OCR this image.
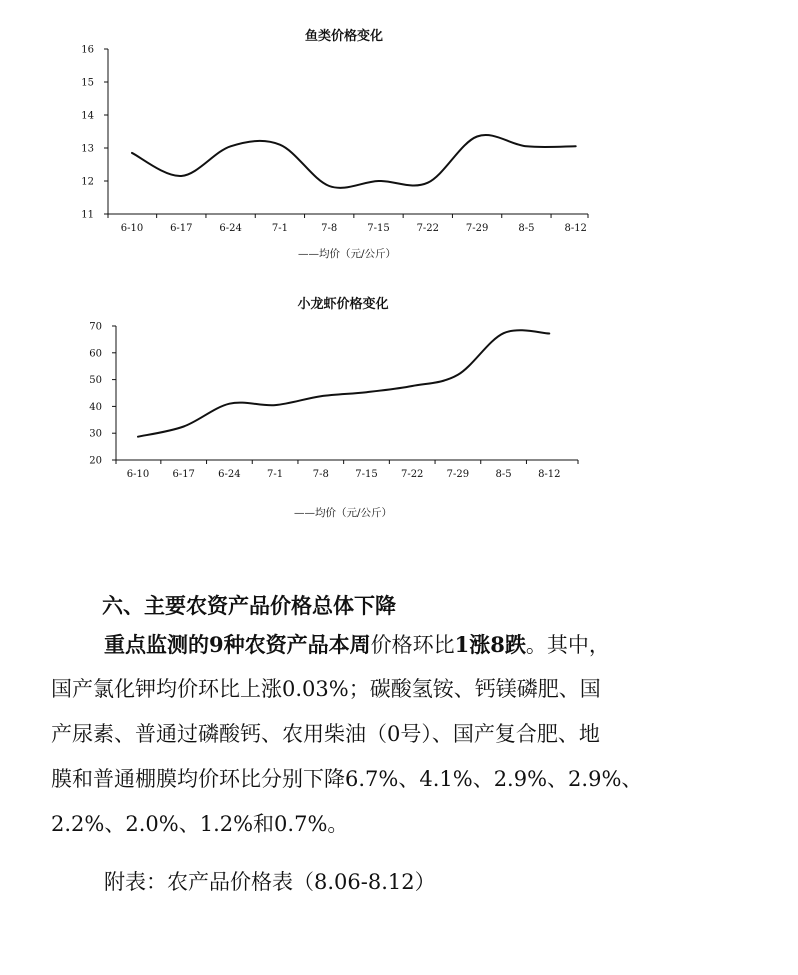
鱼类价格变化
11
12
13
14
15
16
6-10	6-17	6-24	7-1	7-8	7-15	7-22	7-29	8-5	8-12
——均价（元/公斤）
小龙虾价格变化
20
30
40
50
60
70
6-10 6-17 6-24	7-1	7-8	7-15 7-22 7-29	8-5	8-12
——均价（元/公斤）

六、主要农资产品价格总体下降

重点监测的9种农资产品本周价格环比1涨8跌。其中，
国产氯化钾均价环比上涨0.03%；碳酸氢铵、钙镁磷肥、国
产尿素、普通过磷酸钙、农用柴油（0号）、国产复合肥、地
膜和普通棚膜均价环比分别下降6.7%、4.1%、2.9%、2.9%、
2.2%、2.0%、1.2%和0.7%。

附表：农产品价格表（8.06-8.12）
